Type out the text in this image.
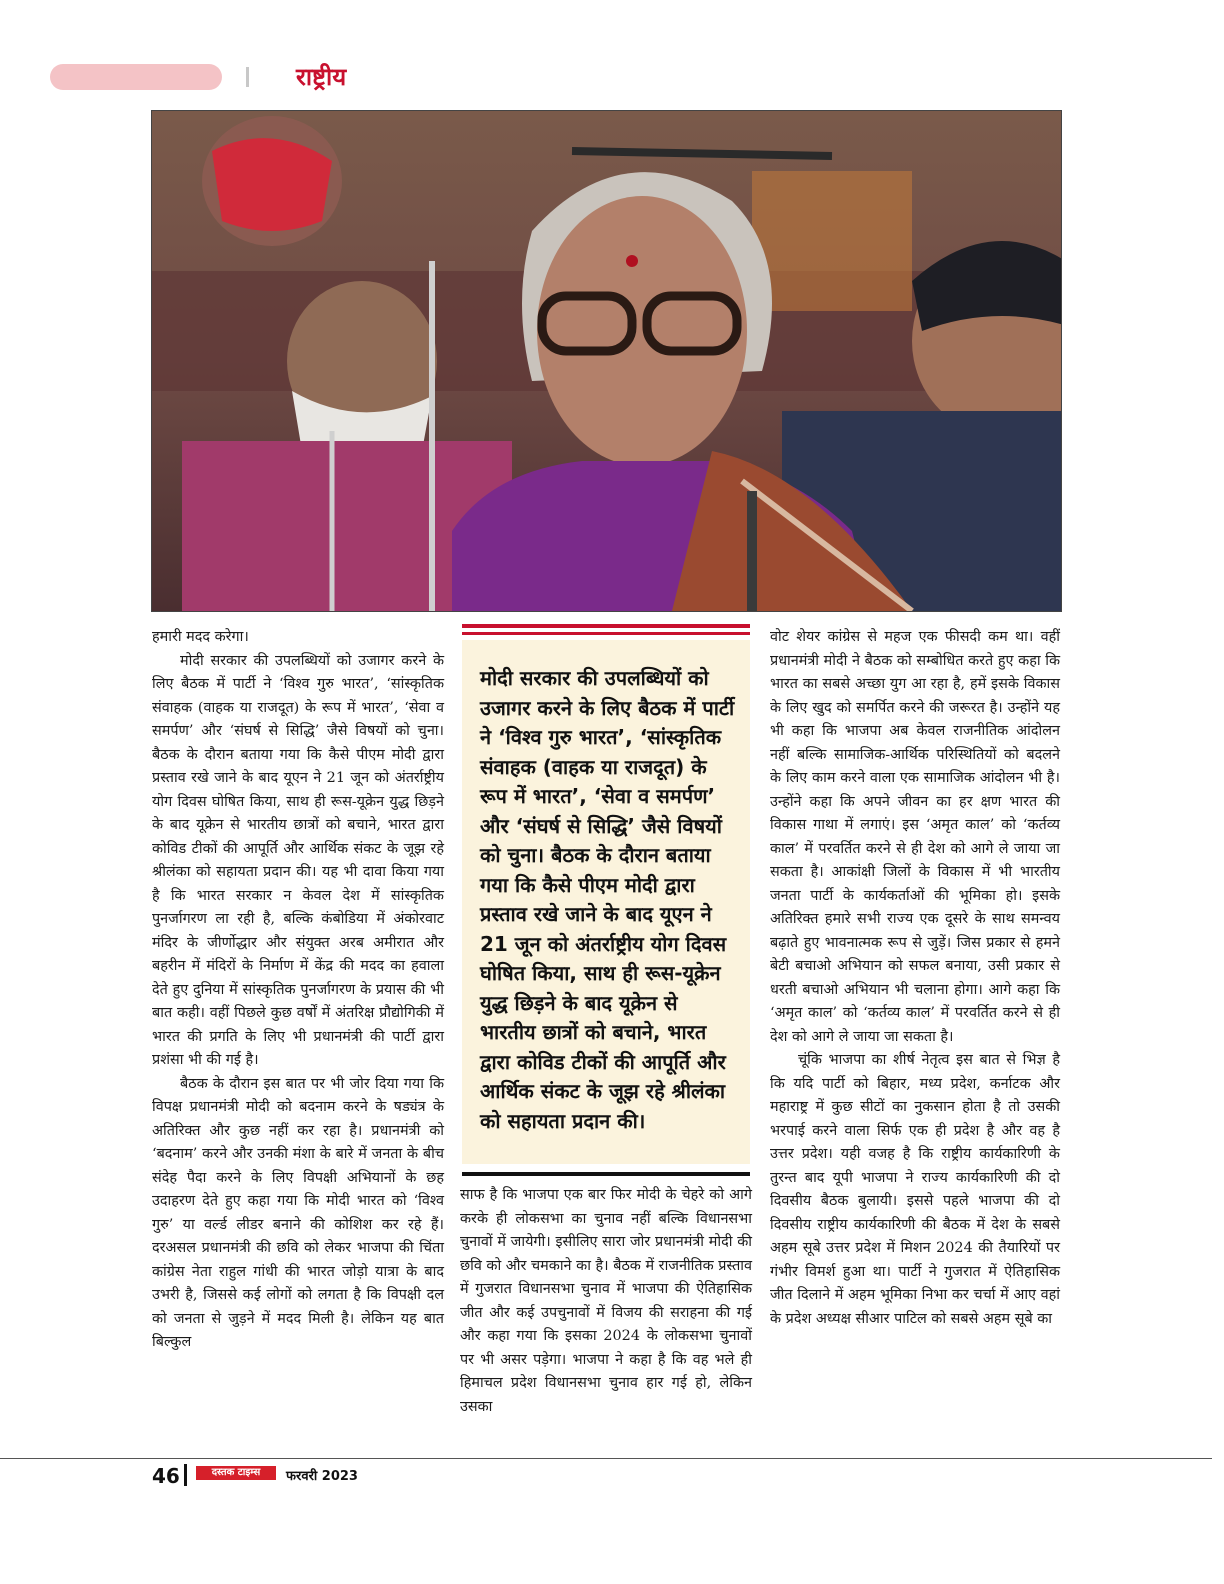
राष्ट्रीय

हमारी मदद करेगा।

मोदी सरकार की उपलब्धियों को उजागर करने के लिए बैठक में पार्टी ने ‘विश्व गुरु भारत’, ‘सांस्कृतिक संवाहक (वाहक या राजदूत) के रूप में भारत’, ‘सेवा व समर्पण’ और ‘संघर्ष से सिद्धि’ जैसे विषयों को चुना। बैठक के दौरान बताया गया कि कैसे पीएम मोदी द्वारा प्रस्ताव रखे जाने के बाद यूएन ने 21 जून को अंतर्राष्ट्रीय योग दिवस घोषित किया, साथ ही रूस-यूक्रेन युद्ध छिड़ने के बाद यूक्रेन से भारतीय छात्रों को बचाने, भारत द्वारा कोविड टीकों की आपूर्ति और आर्थिक संकट के जूझ रहे श्रीलंका को सहायता प्रदान की। यह भी दावा किया गया है कि भारत सरकार न केवल देश में सांस्कृतिक पुनर्जागरण ला रही है, बल्कि कंबोडिया में अंकोरवाट मंदिर के जीर्णोद्धार और संयुक्त अरब अमीरात और बहरीन में मंदिरों के निर्माण में केंद्र की मदद का हवाला देते हुए दुनिया में सांस्कृतिक पुनर्जागरण के प्रयास की भी बात कही। वहीं पिछले कुछ वर्षों में अंतरिक्ष प्रौद्योगिकी में भारत की प्रगति के लिए भी प्रधानमंत्री की पार्टी द्वारा प्रशंसा भी की गई है।

बैठक के दौरान इस बात पर भी जोर दिया गया कि विपक्ष प्रधानमंत्री मोदी को बदनाम करने के षड्यंत्र के अतिरिक्त और कुछ नहीं कर रहा है। प्रधानमंत्री को ‘बदनाम’ करने और उनकी मंशा के बारे में जनता के बीच संदेह पैदा करने के लिए विपक्षी अभियानों के छह उदाहरण देते हुए कहा गया कि मोदी भारत को ‘विश्व गुरु’ या वर्ल्ड लीडर बनाने की कोशिश कर रहे हैं। दरअसल प्रधानमंत्री की छवि को लेकर भाजपा की चिंता कांग्रेस नेता राहुल गांधी की भारत जोड़ो यात्रा के बाद उभरी है, जिससे कई लोगों को लगता है कि विपक्षी दल को जनता से जुड़ने में मदद मिली है। लेकिन यह बात बिल्कुल

मोदी सरकार की उपलब्धियों को उजागर करने के लिए बैठक में पार्टी ने ‘विश्व गुरु भारत’, ‘सांस्कृतिक संवाहक (वाहक या राजदूत) के रूप में भारत’, ‘सेवा व समर्पण’ और ‘संघर्ष से सिद्धि’ जैसे विषयों को चुना। बैठक के दौरान बताया गया कि कैसे पीएम मोदी द्वारा प्रस्ताव रखे जाने के बाद यूएन ने 21 जून को अंतर्राष्ट्रीय योग दिवस घोषित किया, साथ ही रूस-यूक्रेन युद्ध छिड़ने के बाद यूक्रेन से भारतीय छात्रों को बचाने, भारत द्वारा कोविड टीकों की आपूर्ति और आर्थिक संकट के जूझ रहे श्रीलंका को सहायता प्रदान की।

साफ है कि भाजपा एक बार फिर मोदी के चेहरे को आगे करके ही लोकसभा का चुनाव नहीं बल्कि विधानसभा चुनावों में जायेगी। इसीलिए सारा जोर प्रधानमंत्री मोदी की छवि को और चमकाने का है। बैठक में राजनीतिक प्रस्ताव में गुजरात विधानसभा चुनाव में भाजपा की ऐतिहासिक जीत और कई उपचुनावों में विजय की सराहना की गई और कहा गया कि इसका 2024 के लोकसभा चुनावों पर भी असर पड़ेगा। भाजपा ने कहा है कि वह भले ही हिमाचल प्रदेश विधानसभा चुनाव हार गई हो, लेकिन उसका

वोट शेयर कांग्रेस से महज एक फीसदी कम था। वहीं प्रधानमंत्री मोदी ने बैठक को सम्बोधित करते हुए कहा कि भारत का सबसे अच्छा युग आ रहा है, हमें इसके विकास के लिए खुद को समर्पित करने की जरूरत है। उन्होंने यह भी कहा कि भाजपा अब केवल राजनीतिक आंदोलन नहीं बल्कि सामाजिक-आर्थिक परिस्थितियों को बदलने के लिए काम करने वाला एक सामाजिक आंदोलन भी है। उन्होंने कहा कि अपने जीवन का हर क्षण भारत की विकास गाथा में लगाएं। इस ‘अमृत काल’ को ‘कर्तव्य काल’ में परवर्तित करने से ही देश को आगे ले जाया जा सकता है। आकांक्षी जिलों के विकास में भी भारतीय जनता पार्टी के कार्यकर्ताओं की भूमिका हो। इसके अतिरिक्त हमारे सभी राज्य एक दूसरे के साथ समन्वय बढ़ाते हुए भावनात्मक रूप से जुड़ें। जिस प्रकार से हमने बेटी बचाओ अभियान को सफल बनाया, उसी प्रकार से धरती बचाओ अभियान भी चलाना होगा। आगे कहा कि ‘अमृत काल’ को ‘कर्तव्य काल’ में परवर्तित करने से ही देश को आगे ले जाया जा सकता है।

चूंकि भाजपा का शीर्ष नेतृत्व इस बात से भिज्ञ है कि यदि पार्टी को बिहार, मध्य प्रदेश, कर्नाटक और महाराष्ट्र में कुछ सीटों का नुकसान होता है तो उसकी भरपाई करने वाला सिर्फ एक ही प्रदेश है और वह है उत्तर प्रदेश। यही वजह है कि राष्ट्रीय कार्यकारिणी के तुरन्त बाद यूपी भाजपा ने राज्य कार्यकारिणी की दो दिवसीय बैठक बुलायी। इससे पहले भाजपा की दो दिवसीय राष्ट्रीय कार्यकारिणी की बैठक में देश के सबसे अहम सूबे उत्तर प्रदेश में मिशन 2024 की तैयारियों पर गंभीर विमर्श हुआ था। पार्टी ने गुजरात में ऐतिहासिक जीत दिलाने में अहम भूमिका निभा कर चर्चा में आए वहां के प्रदेश अध्यक्ष सीआर पाटिल को सबसे अहम सूबे का

46	दस्तक टाइम्स	फरवरी 2023
